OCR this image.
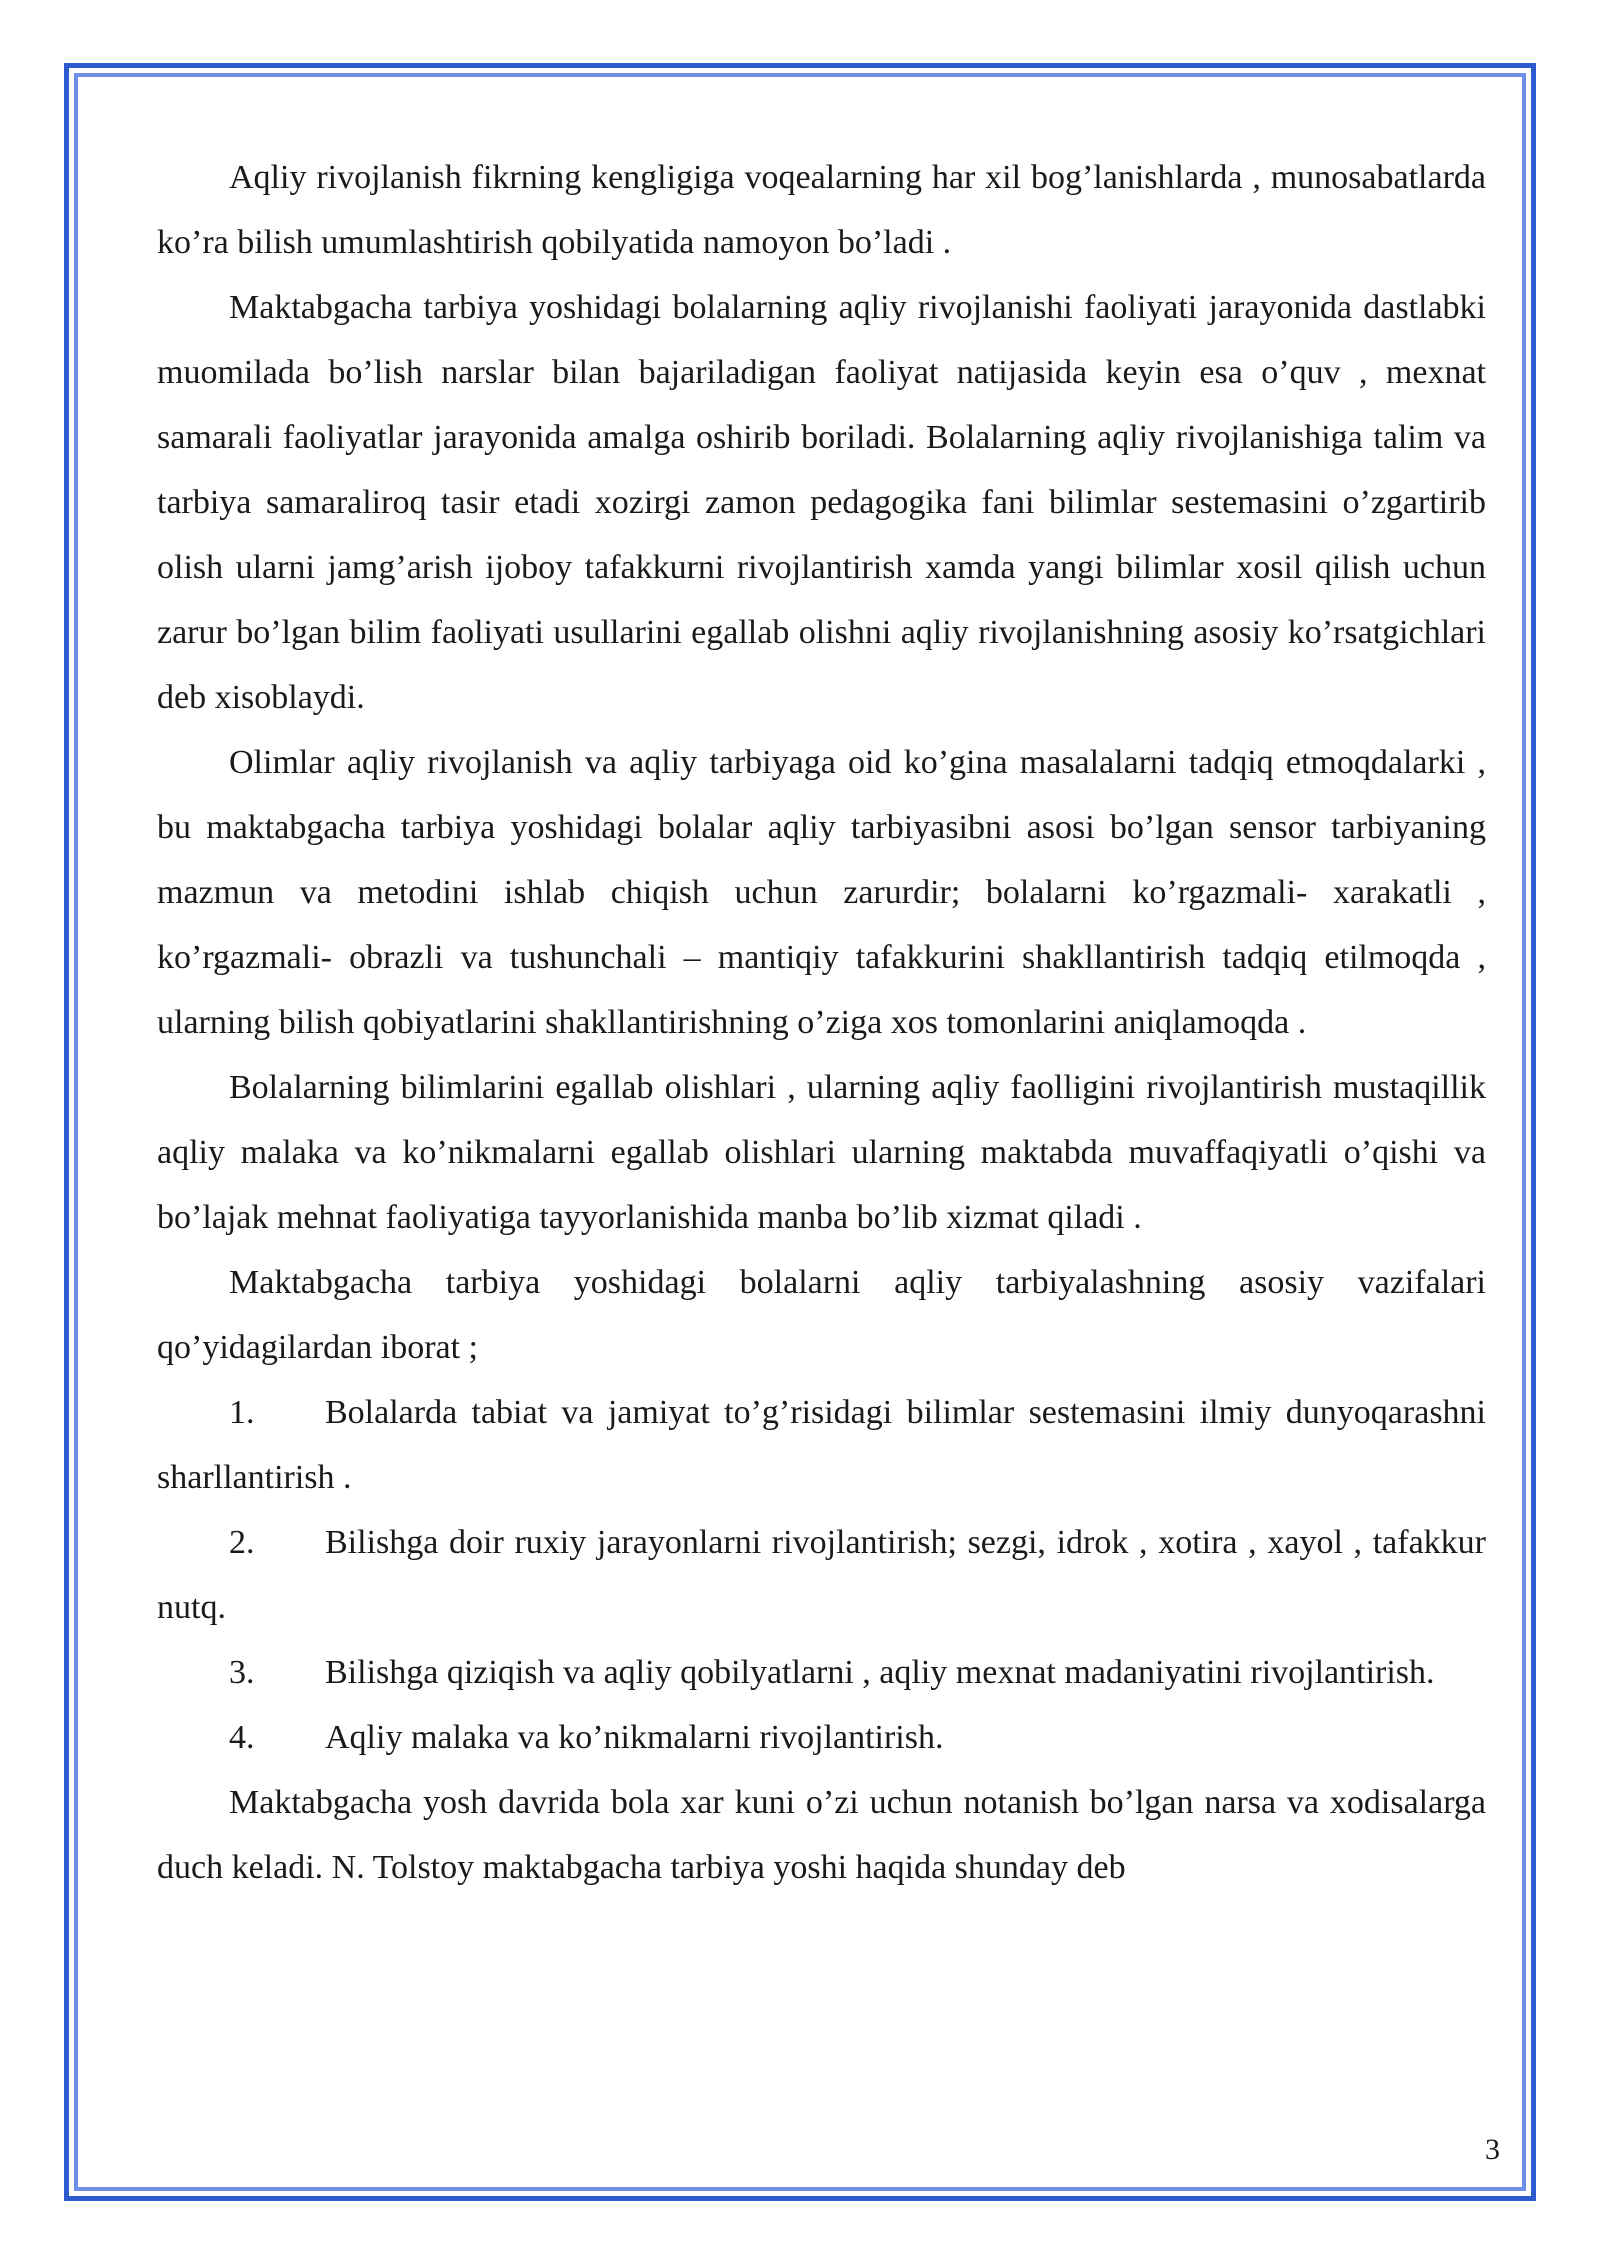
Aqliy rivojlanish fikrning kengligiga voqealarning har xil bog’lanishlarda , munosabatlarda ko’ra bilish umumlashtirish qobilyatida namoyon bo’ladi .

Maktabgacha tarbiya yoshidagi bolalarning aqliy rivojlanishi faoliyati jarayonida dastlabki muomilada bo’lish narslar bilan bajariladigan faoliyat natijasida keyin esa o’quv , mexnat samarali faoliyatlar jarayonida amalga oshirib boriladi. Bolalarning aqliy rivojlanishiga talim va tarbiya samaraliroq tasir etadi xozirgi zamon pedagogika fani bilimlar sestemasini o’zgartirib olish ularni jamg’arish ijoboy tafakkurni rivojlantirish xamda yangi bilimlar xosil qilish uchun zarur bo’lgan bilim faoliyati usullarini egallab olishni aqliy rivojlanishning asosiy ko’rsatgichlari deb xisoblaydi.

Olimlar aqliy rivojlanish va aqliy tarbiyaga oid ko’gina masalalarni tadqiq etmoqdalarki , bu maktabgacha tarbiya yoshidagi bolalar aqliy tarbiyasibni asosi bo’lgan sensor tarbiyaning mazmun va metodini ishlab chiqish uchun zarurdir; bolalarni ko’rgazmali- xarakatli , ko’rgazmali- obrazli va tushunchali – mantiqiy tafakkurini shakllantirish tadqiq etilmoqda , ularning bilish qobiyatlarini shakllantirishning o’ziga xos tomonlarini aniqlamoqda .

Bolalarning bilimlarini egallab olishlari , ularning aqliy faolligini rivojlantirish mustaqillik aqliy malaka va ko’nikmalarni egallab olishlari ularning maktabda muvaffaqiyatli o’qishi va bo’lajak mehnat faoliyatiga tayyorlanishida manba bo’lib xizmat qiladi .

Maktabgacha tarbiya yoshidagi bolalarni aqliy tarbiyalashning asosiy vazifalari qo’yidagilardan iborat ;

1. Bolalarda tabiat va jamiyat to’g’risidagi bilimlar sestemasini ilmiy dunyoqarashni sharllantirish .

2. Bilishga doir ruxiy jarayonlarni rivojlantirish; sezgi, idrok , xotira , xayol , tafakkur nutq.

3. Bilishga qiziqish va aqliy qobilyatlarni , aqliy mexnat madaniyatini rivojlantirish.

4. Aqliy malaka va ko’nikmalarni rivojlantirish.

Maktabgacha yosh davrida bola xar kuni o’zi uchun notanish bo’lgan narsa va xodisalarga duch keladi. N. Tolstoy maktabgacha tarbiya yoshi haqida shunday deb

3
